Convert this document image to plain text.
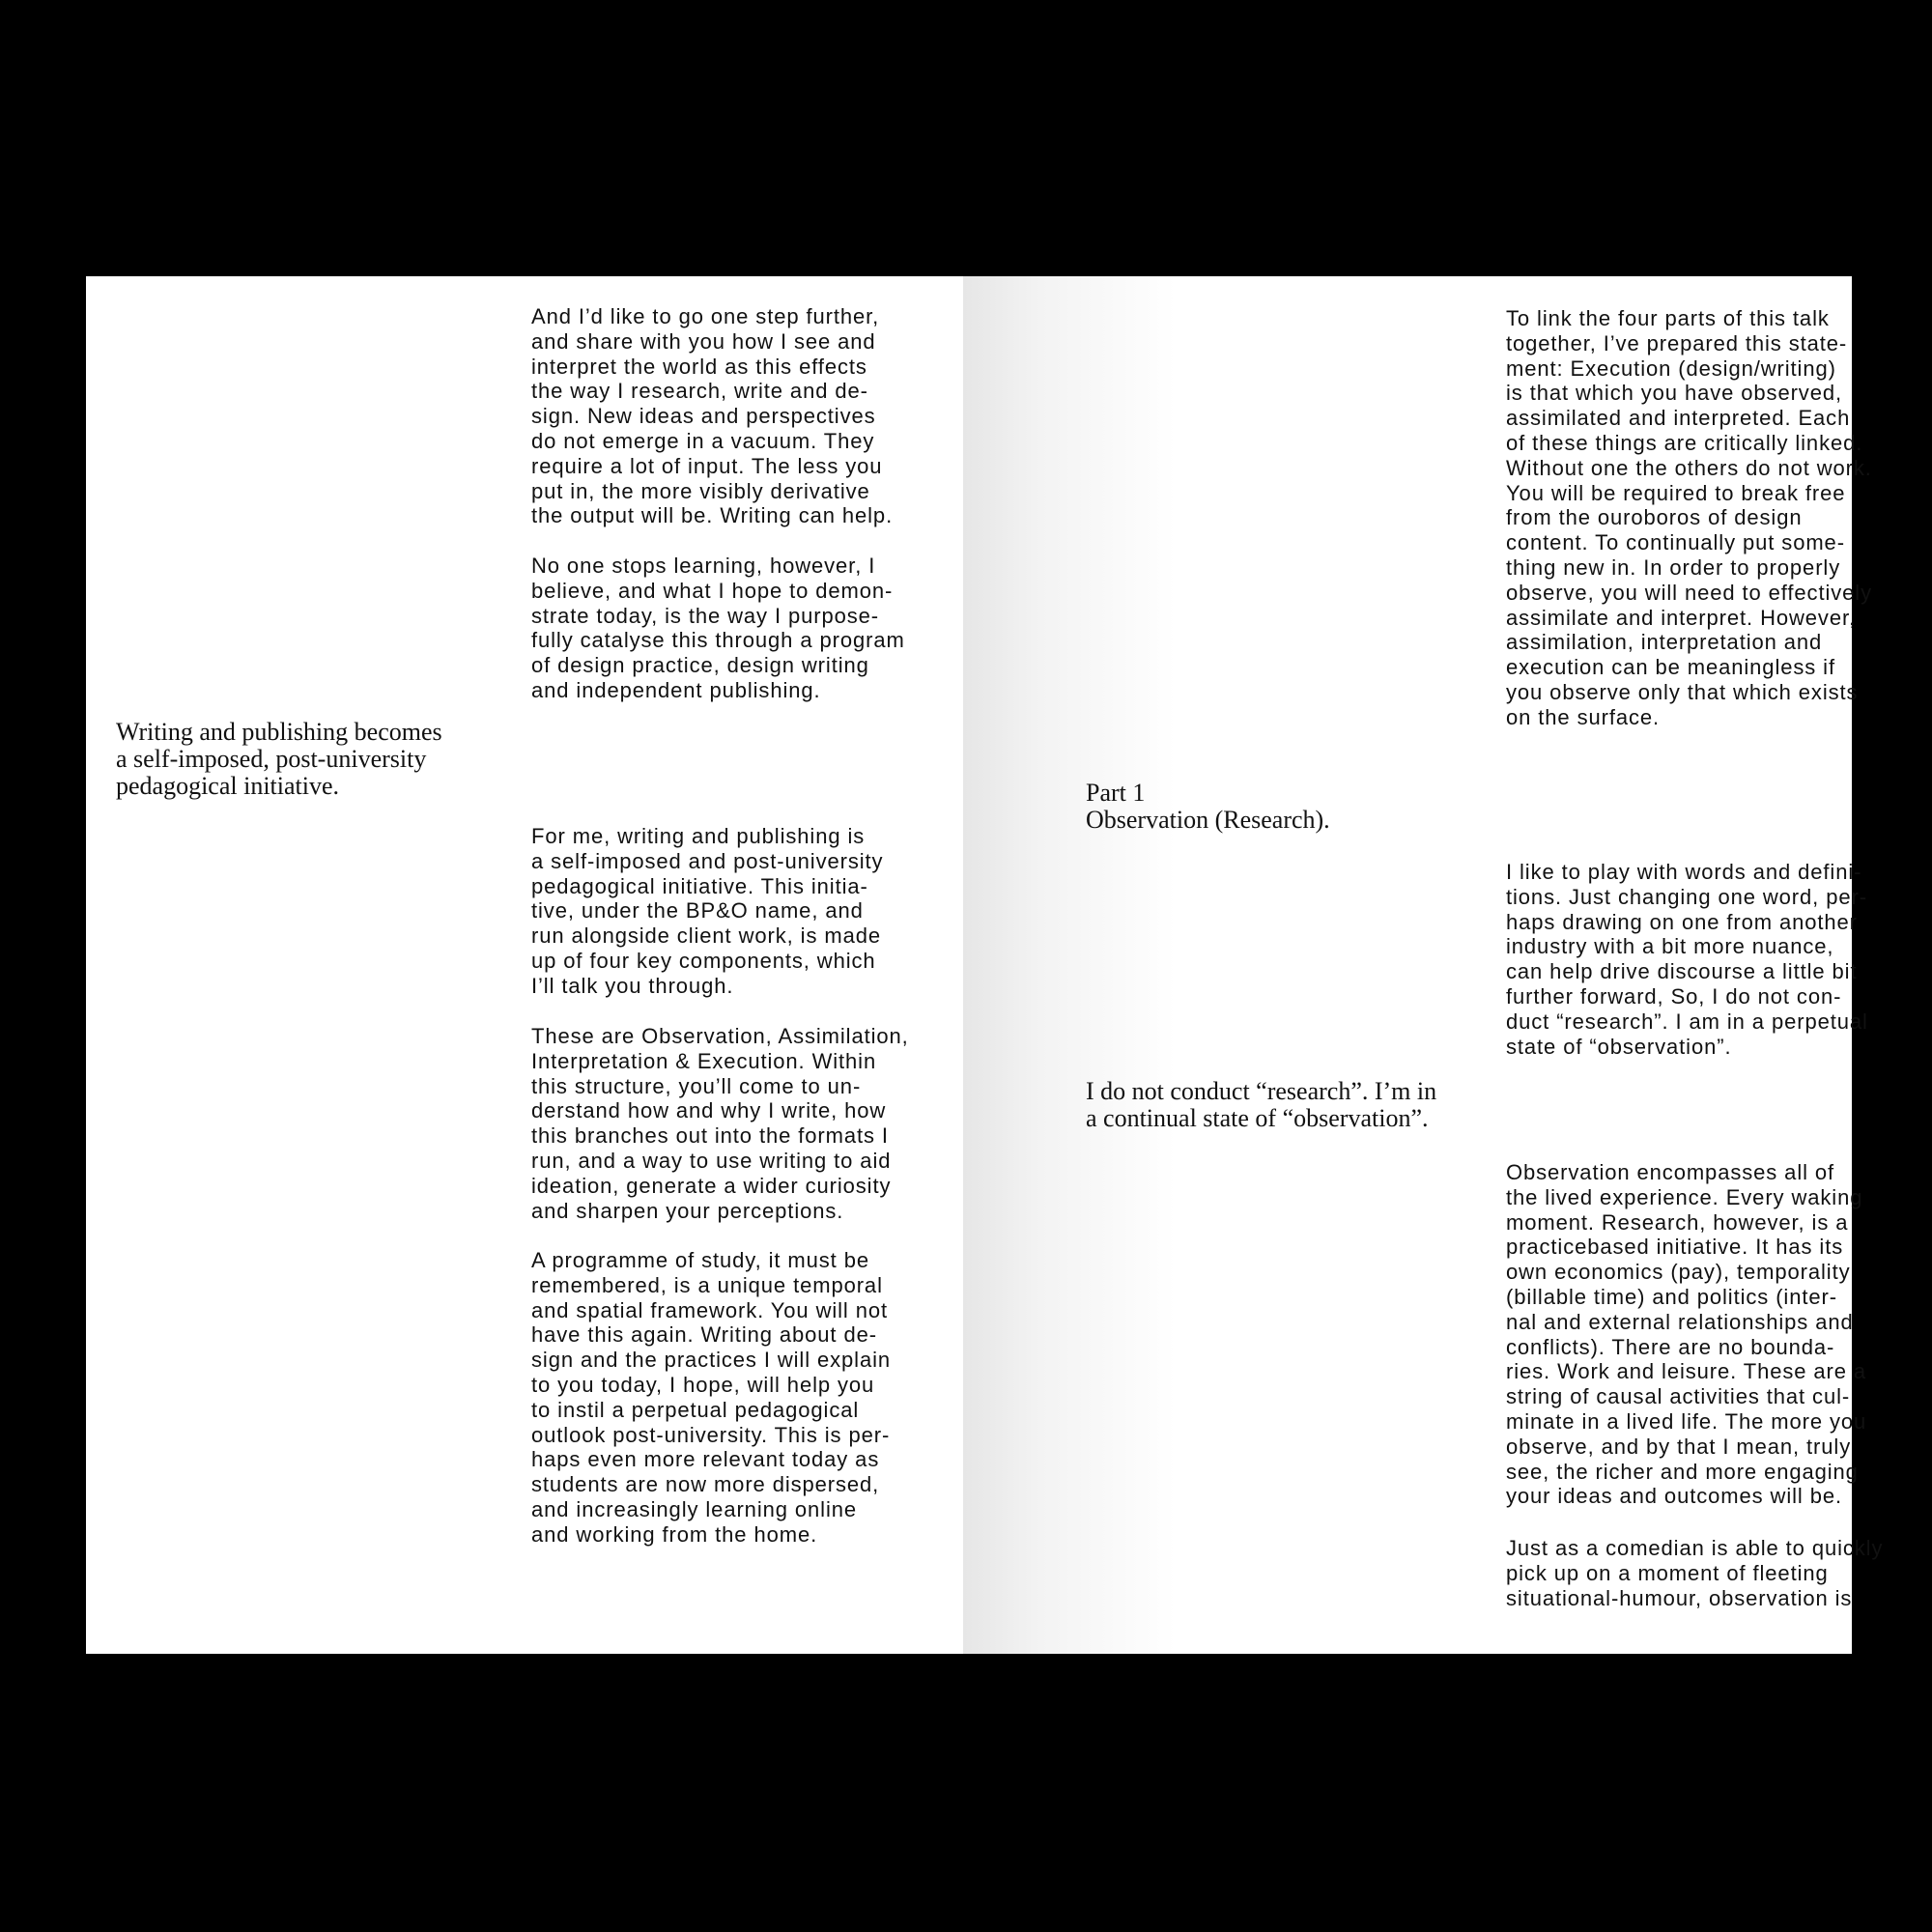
Writing and publishing becomes
a self-imposed, post-university
pedagogical initiative.

And I’d like to go one step further,
and share with you how I see and
interpret the world as this effects
the way I research, write and de-
sign. New ideas and perspectives
do not emerge in a vacuum. They
require a lot of input. The less you
put in, the more visibly derivative
the output will be. Writing can help.

No one stops learning, however, I
believe, and what I hope to demon-
strate today, is the way I purpose-
fully catalyse this through a program
of design practice, design writing
and independent publishing.

For me, writing and publishing is
a self-imposed and post-university
pedagogical initiative. This initia-
tive, under the BP&O name, and
run alongside client work, is made
up of four key components, which
I’ll talk you through.

These are Observation, Assimilation,
Interpretation & Execution. Within
this structure, you’ll come to un-
derstand how and why I write, how
this branches out into the formats I
run, and a way to use writing to aid
ideation, generate a wider curiosity
and sharpen your perceptions.

A programme of study, it must be
remembered, is a unique temporal
and spatial framework. You will not
have this again. Writing about de-
sign and the practices I will explain
to you today, I hope, will help you
to instil a perpetual pedagogical
outlook post-university. This is per-
haps even more relevant today as
students are now more dispersed,
and increasingly learning online
and working from the home.

Part 1
Observation (Research).

I do not conduct “research”. I’m in
a continual state of “observation”.

To link the four parts of this talk
together, I’ve prepared this state-
ment: Execution (design/writing)
is that which you have observed,
assimilated and interpreted. Each
of these things are critically linked.
Without one the others do not work.
You will be required to break free
from the ouroboros of design
content. To continually put some-
thing new in. In order to properly
observe, you will need to effectively
assimilate and interpret. However,
assimilation, interpretation and
execution can be meaningless if
you observe only that which exists
on the surface.

I like to play with words and defini-
tions. Just changing one word, per-
haps drawing on one from another
industry with a bit more nuance,
can help drive discourse a little bit
further forward, So, I do not con-
duct “research”. I am in a perpetual
state of “observation”.

Observation encompasses all of
the lived experience. Every waking
moment. Research, however, is a
practicebased initiative. It has its
own economics (pay), temporality
(billable time) and politics (inter-
nal and external relationships and
conflicts). There are no bounda-
ries. Work and leisure. These are a
string of causal activities that cul-
minate in a lived life. The more you
observe, and by that I mean, truly
see, the richer and more engaging
your ideas and outcomes will be.

Just as a comedian is able to quickly
pick up on a moment of fleeting
situational-humour, observation is
